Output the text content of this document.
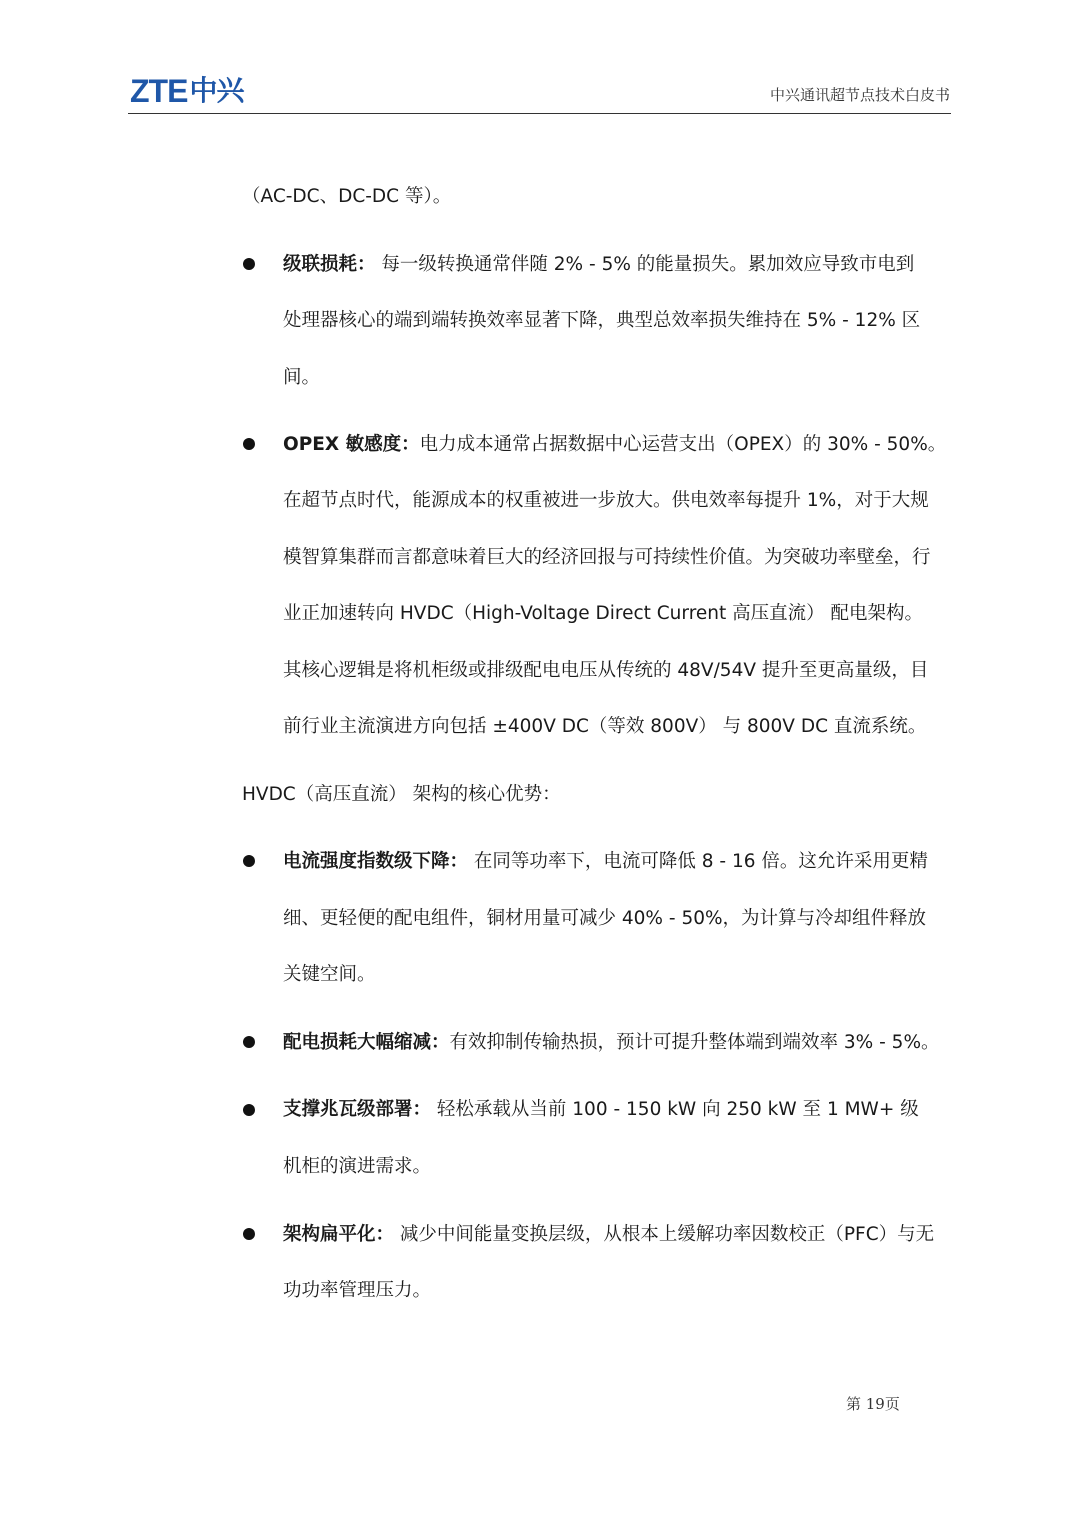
ZTE 中兴	中兴通讯超节点技术白皮书
（AC-DC、DC-DC 等）。
级联损耗： 每一级转换通常伴随 2% - 5% 的能量损失。累加效应导致市电到
处理器核心的端到端转换效率显著下降，典型总效率损失维持在 5% - 12% 区
间。
OPEX 敏感度：电力成本通常占据数据中心运营支出（OPEX）的 30% - 50%。
在超节点时代，能源成本的权重被进一步放大。供电效率每提升 1%，对于大规
模智算集群而言都意味着巨大的经济回报与可持续性价值。为突破功率壁垒，行
业正加速转向 HVDC（High-Voltage Direct Current 高压直流） 配电架构。
其核心逻辑是将机柜级或排级配电电压从传统的 48V/54V 提升至更高量级，目
前行业主流演进方向包括 ±400V DC（等效 800V） 与 800V DC 直流系统。
HVDC（高压直流） 架构的核心优势：
电流强度指数级下降： 在同等功率下，电流可降低 8 - 16 倍。这允许采用更精
细、更轻便的配电组件，铜材用量可减少 40% - 50%，为计算与冷却组件释放
关键空间。
配电损耗大幅缩减：有效抑制传输热损，预计可提升整体端到端效率 3% - 5%。
支撑兆瓦级部署： 轻松承载从当前 100 - 150 kW 向 250 kW 至 1 MW+ 级
机柜的演进需求。
架构扁平化： 减少中间能量变换层级，从根本上缓解功率因数校正（PFC）与无
功功率管理压力。
第 19页
